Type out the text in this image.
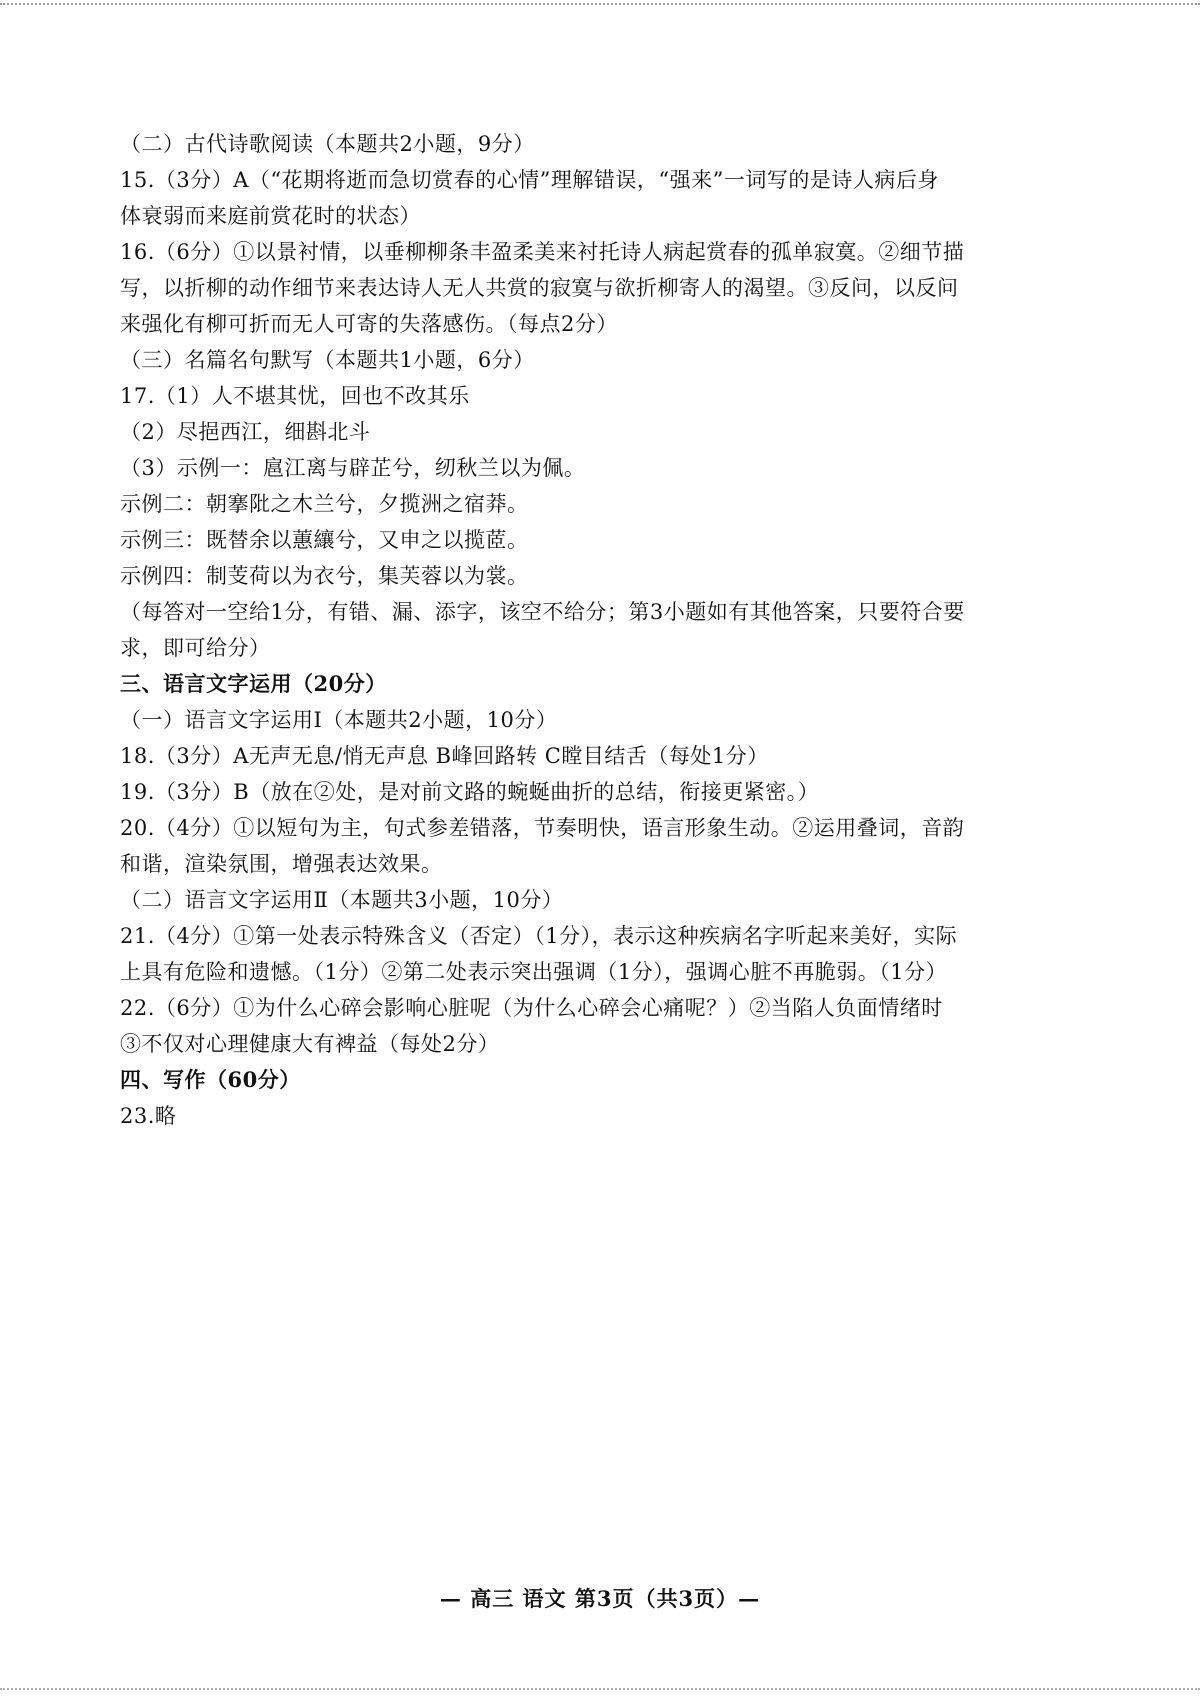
（二）古代诗歌阅读（本题共2小题，9分）
15.（3分）A（“花期将逝而急切赏春的心情”理解错误，“强来”一词写的是诗人病后身
体衰弱而来庭前赏花时的状态）
16.（6分）①以景衬情，以垂柳柳条丰盈柔美来衬托诗人病起赏春的孤单寂寞。②细节描
写，以折柳的动作细节来表达诗人无人共赏的寂寞与欲折柳寄人的渴望。③反问，以反问
来强化有柳可折而无人可寄的失落感伤。（每点2分）
（三）名篇名句默写（本题共1小题，6分）
17.（1）人不堪其忧，回也不改其乐
（2）尽挹西江，细斟北斗
（3）示例一：扈江离与辟芷兮，纫秋兰以为佩。
示例二：朝搴阰之木兰兮，夕揽洲之宿莽。
示例三：既替余以蕙纕兮，又申之以揽茝。
示例四：制芰荷以为衣兮，集芙蓉以为裳。
（每答对一空给1分，有错、漏、添字，该空不给分；第3小题如有其他答案，只要符合要
求，即可给分）
三、语言文字运用（20分）
（一）语言文字运用Ⅰ（本题共2小题，10分）
18.（3分）A无声无息/悄无声息 B峰回路转 C瞠目结舌（每处1分）
19.（3分）B（放在②处，是对前文路的蜿蜒曲折的总结，衔接更紧密。）
20.（4分）①以短句为主，句式参差错落，节奏明快，语言形象生动。②运用叠词，音韵
和谐，渲染氛围，增强表达效果。
（二）语言文字运用Ⅱ（本题共3小题，10分）
21.（4分）①第一处表示特殊含义（否定）（1分），表示这种疾病名字听起来美好，实际
上具有危险和遗憾。（1分）②第二处表示突出强调（1分），强调心脏不再脆弱。（1分）
22.（6分）①为什么心碎会影响心脏呢（为什么心碎会心痛呢？）②当陷人负面情绪时
③不仅对心理健康大有裨益（每处2分）
四、写作（60分）
23.略
— 高三 语文 第3页（共3页）—
